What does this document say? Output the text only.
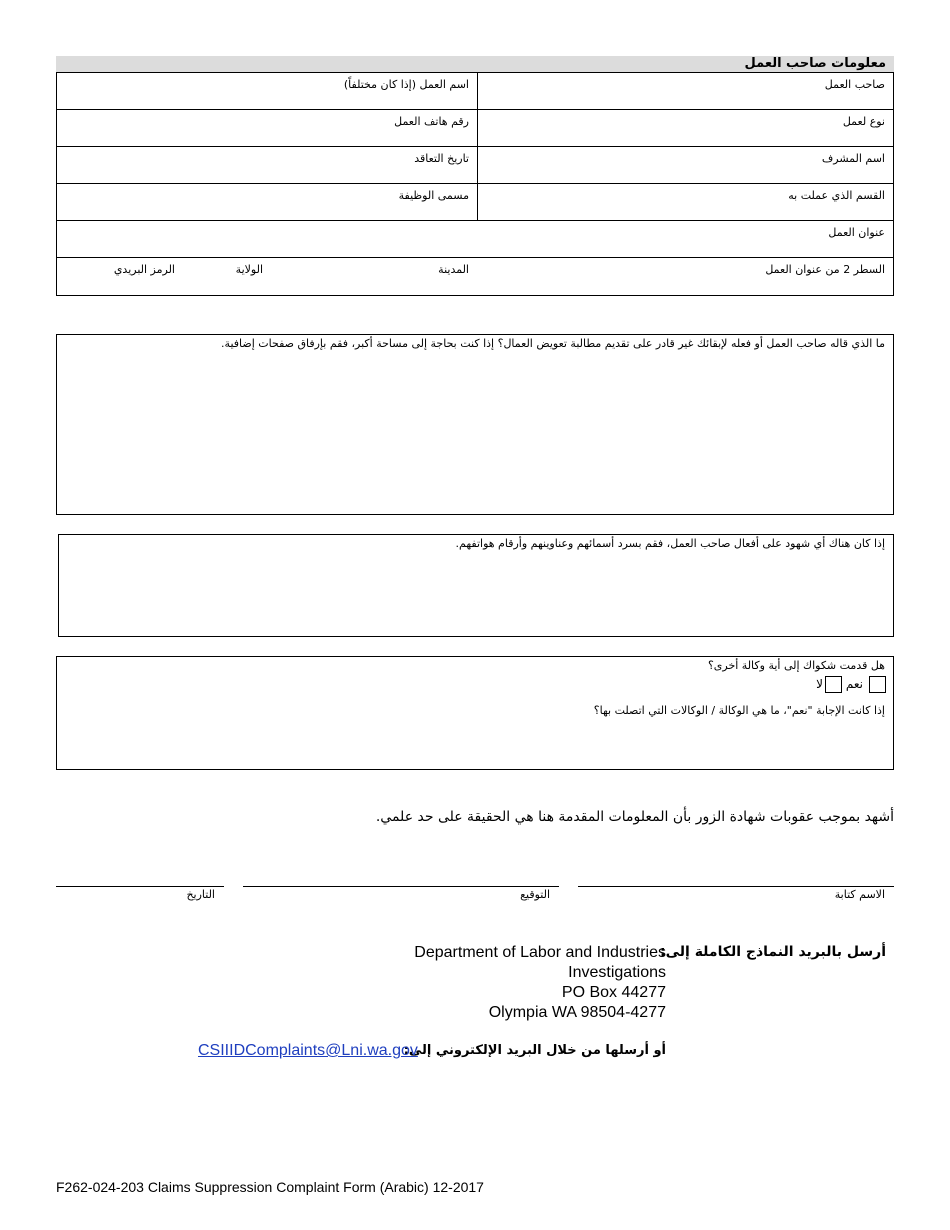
معلومات صاحب العمل
صاحب العمل
اسم العمل (إذا كان مختلفاً)
نوع لعمل
رقم هاتف العمل
اسم المشرف
تاريخ التعاقد
القسم الذي عملت به
مسمى الوظيفة
عنوان العمل
السطر 2 من عنوان العمل
المدينة
الولاية
الرمز البريدي
ما الذي قاله صاحب العمل أو فعله لإبقائك غير قادر على تقديم مطالبة تعويض العمال؟ إذا كنت بحاجة إلى مساحة أكبر، فقم بإرفاق صفحات إضافية.
إذا كان هناك أي شهود على أفعال صاحب العمل، فقم بسرد أسمائهم وعناوينهم وأرقام هواتفهم.
هل قدمت شكواك إلى أية وكالة أخرى؟
نعم
لا
إذا كانت الإجابة "نعم"، ما هي الوكالة / الوكالات التي اتصلت بها؟
أشهد بموجب عقوبات شهادة الزور بأن المعلومات المقدمة هنا هي الحقيقة على حد علمي.
الاسم كتابة
التوقيع
التاريخ
أرسل بالبريد النماذج الكاملة إلى:
Department of Labor and Industries
Investigations
PO Box 44277
Olympia WA 98504-4277
أو أرسلها من خلال البريد الإلكتروني إلى:
CSIIIDComplaints@Lni.wa.gov
F262-024-203 Claims Suppression Complaint Form (Arabic) 12-2017
